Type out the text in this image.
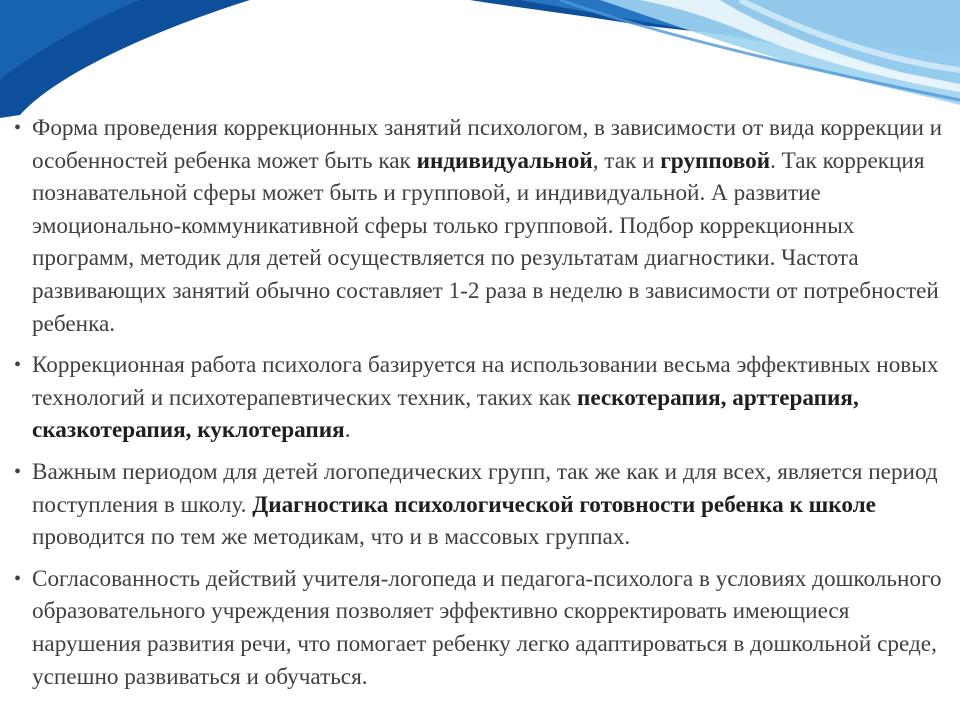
• Форма проведения коррекционных занятий психологом, в зависимости от вида коррекции и особенностей ребенка может быть как индивидуальной, так и групповой. Так коррекция познавательной сферы может быть и групповой, и индивидуальной. А развитие эмоционально-коммуникативной сферы только групповой. Подбор коррекционных программ, методик для детей осуществляется по результатам диагностики. Частота развивающих занятий обычно составляет 1-2 раза в неделю в зависимости от потребностей ребенка.
• Коррекционная работа психолога базируется на использовании весьма эффективных новых технологий и психотерапевтических техник, таких как пескотерапия, арттерапия, сказкотерапия, куклотерапия.
• Важным периодом для детей логопедических групп, так же как и для всех, является период поступления в школу. Диагностика психологической готовности ребенка к школе проводится по тем же методикам, что и в массовых группах.
• Согласованность действий учителя-логопеда и педагога-психолога в условиях дошкольного образовательного учреждения позволяет эффективно скорректировать имеющиеся нарушения развития речи, что помогает ребенку легко адаптироваться в дошкольной среде, успешно развиваться и обучаться.
